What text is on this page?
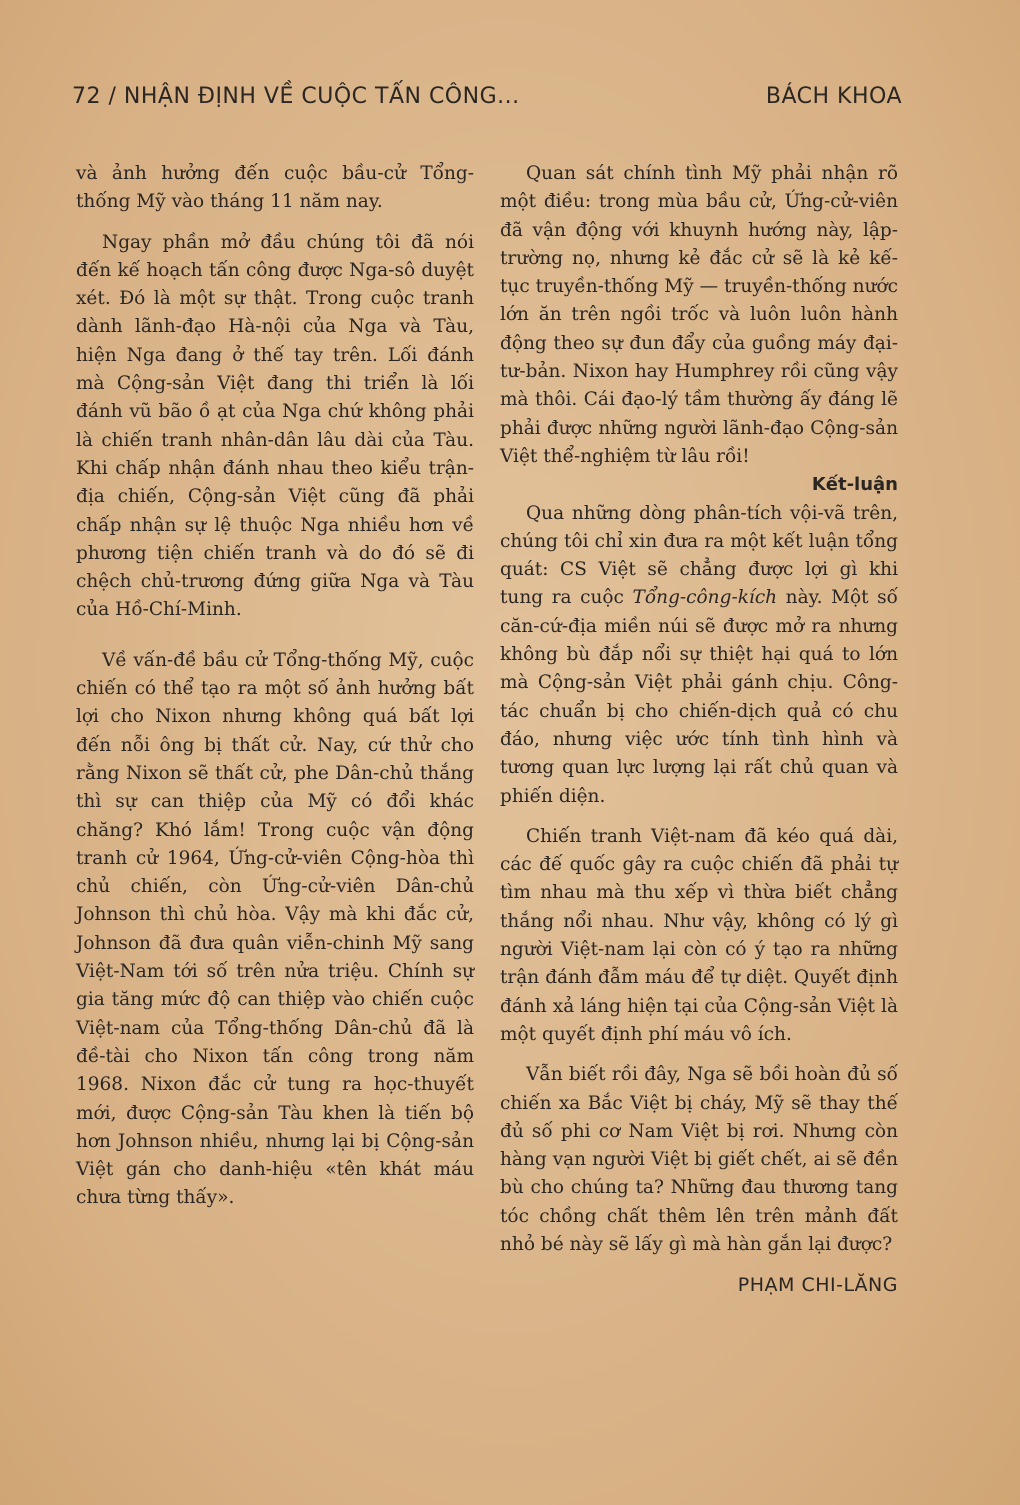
72 / NHẬN ĐỊNH VỀ CUỘC TẤN CÔNG...	BÁCH KHOA

và ảnh hưởng đến cuộc bầu-cử Tổng-thống Mỹ vào tháng 11 năm nay.

Ngay phần mở đầu chúng tôi đã nói đến kế hoạch tấn công được Nga-sô duyệt xét. Đó là một sự thật. Trong cuộc tranh dành lãnh-đạo Hà-nội của Nga và Tàu, hiện Nga đang ở thế tay trên. Lối đánh mà Cộng-sản Việt đang thi triển là lối đánh vũ bão ồ ạt của Nga chứ không phải là chiến tranh nhân-dân lâu dài của Tàu. Khi chấp nhận đánh nhau theo kiểu trận-địa chiến, Cộng-sản Việt cũng đã phải chấp nhận sự lệ thuộc Nga nhiều hơn về phương tiện chiến tranh và do đó sẽ đi chệch chủ-trương đứng giữa Nga và Tàu của Hồ-Chí-Minh.

Về vấn-đề bầu cử Tổng-thống Mỹ, cuộc chiến có thể tạo ra một số ảnh hưởng bất lợi cho Nixon nhưng không quá bất lợi đến nỗi ông bị thất cử. Nay, cứ thử cho rằng Nixon sẽ thất cử, phe Dân-chủ thắng thì sự can thiệp của Mỹ có đổi khác chăng? Khó lắm! Trong cuộc vận động tranh cử 1964, Ứng-cử-viên Cộng-hòa thì chủ chiến, còn Ứng-cử-viên Dân-chủ Johnson thì chủ hòa. Vậy mà khi đắc cử, Johnson đã đưa quân viễn-chinh Mỹ sang Việt-Nam tới số trên nửa triệu. Chính sự gia tăng mức độ can thiệp vào chiến cuộc Việt-nam của Tổng-thống Dân-chủ đã là đề-tài cho Nixon tấn công trong năm 1968. Nixon đắc cử tung ra học-thuyết mới, được Cộng-sản Tàu khen là tiến bộ hơn Johnson nhiều, nhưng lại bị Cộng-sản Việt gán cho danh-hiệu «tên khát máu chưa từng thấy».

Quan sát chính tình Mỹ phải nhận rõ một điều: trong mùa bầu cử, Ứng-cử-viên đã vận động với khuynh hướng này, lập-trường nọ, nhưng kẻ đắc cử sẽ là kẻ kế-tục truyền-thống Mỹ — truyền-thống nước lớn ăn trên ngồi trốc và luôn luôn hành động theo sự đun đẩy của guồng máy đại-tư-bản. Nixon hay Humphrey rồi cũng vậy mà thôi. Cái đạo-lý tầm thường ấy đáng lẽ phải được những người lãnh-đạo Cộng-sản Việt thể-nghiệm từ lâu rồi!

Kết-luận

Qua những dòng phân-tích vội-vã trên, chúng tôi chỉ xin đưa ra một kết luận tổng quát: CS Việt sẽ chẳng được lợi gì khi tung ra cuộc Tổng-công-kích này. Một số căn-cứ-địa miền núi sẽ được mở ra nhưng không bù đắp nổi sự thiệt hại quá to lớn mà Cộng-sản Việt phải gánh chịu. Công-tác chuẩn bị cho chiến-dịch quả có chu đáo, nhưng việc ước tính tình hình và tương quan lực lượng lại rất chủ quan và phiến diện.

Chiến tranh Việt-nam đã kéo quá dài, các đế quốc gây ra cuộc chiến đã phải tự tìm nhau mà thu xếp vì thừa biết chẳng thắng nổi nhau. Như vậy, không có lý gì người Việt-nam lại còn có ý tạo ra những trận đánh đẫm máu để tự diệt. Quyết định đánh xả láng hiện tại của Cộng-sản Việt là một quyết định phí máu vô ích.

Vẫn biết rồi đây, Nga sẽ bồi hoàn đủ số chiến xa Bắc Việt bị cháy, Mỹ sẽ thay thế đủ số phi cơ Nam Việt bị rơi. Nhưng còn hàng vạn người Việt bị giết chết, ai sẽ đền bù cho chúng ta? Những đau thương tang tóc chồng chất thêm lên trên mảnh đất nhỏ bé này sẽ lấy gì mà hàn gắn lại được?

PHẠM CHI-LĂNG
